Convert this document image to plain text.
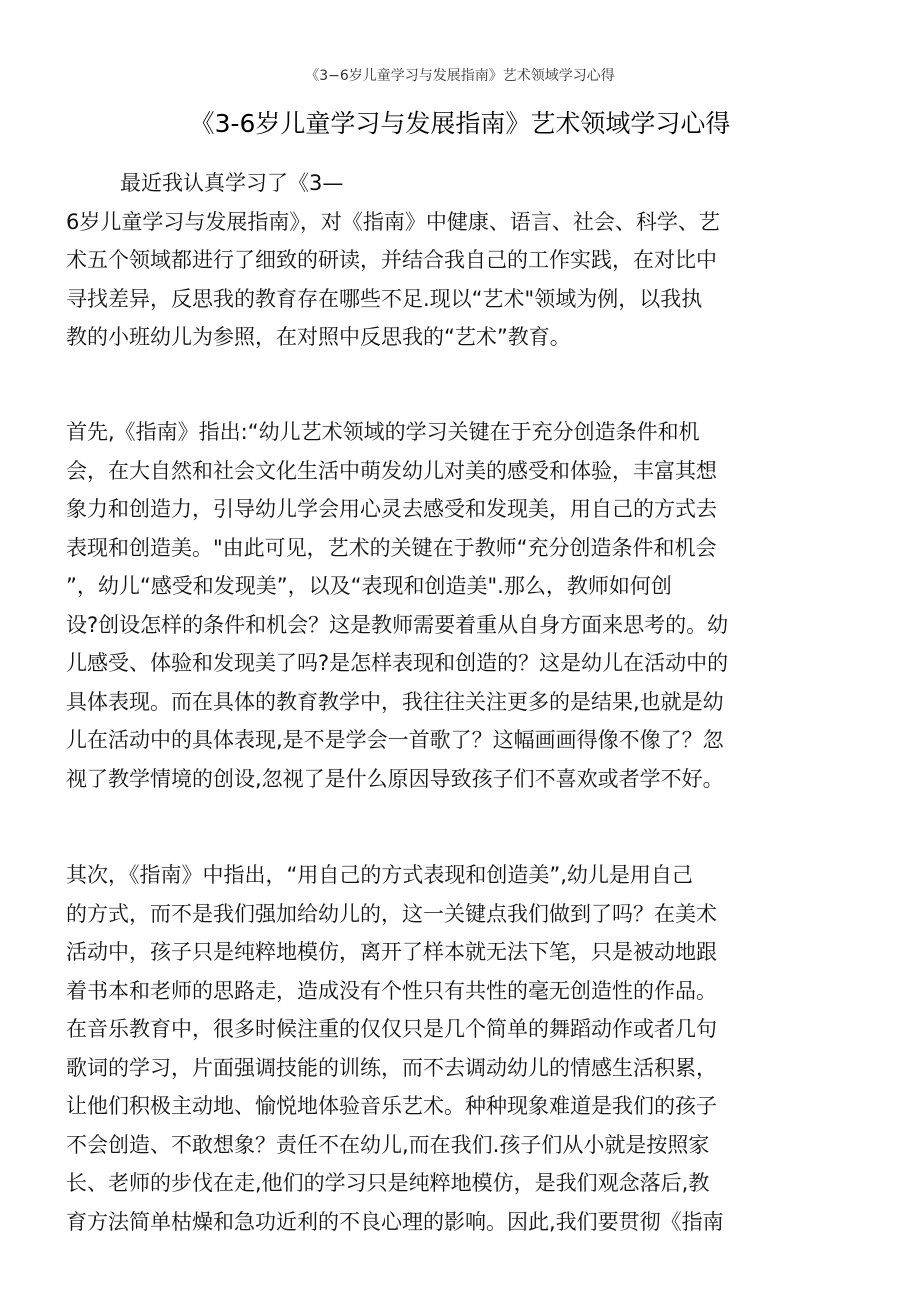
《3−6岁儿童学习与发展指南》艺术领域学习心得
《3-6岁儿童学习与发展指南》艺术领域学习心得
最近我认真学习了《3—
6岁儿童学习与发展指南》，对《指南》中健康、语言、社会、科学、艺
术五个领域都进行了细致的研读，并结合我自己的工作实践，在对比中
寻找差异，反思我的教育存在哪些不足.现以“艺术"领域为例，以我执
教的小班幼儿为参照，在对照中反思我的“艺术”教育。
首先,《指南》指出:“幼儿艺术领域的学习关键在于充分创造条件和机
会，在大自然和社会文化生活中萌发幼儿对美的感受和体验，丰富其想
象力和创造力，引导幼儿学会用心灵去感受和发现美，用自己的方式去
表现和创造美。"由此可见，艺术的关键在于教师“充分创造条件和机会
”，幼儿“感受和发现美”，以及“表现和创造美".那么，教师如何创
设?创设怎样的条件和机会？这是教师需要着重从自身方面来思考的。幼
儿感受、体验和发现美了吗?是怎样表现和创造的？这是幼儿在活动中的
具体表现。而在具体的教育教学中，我往往关注更多的是结果,也就是幼
儿在活动中的具体表现,是不是学会一首歌了？这幅画画得像不像了？忽
视了教学情境的创设,忽视了是什么原因导致孩子们不喜欢或者学不好。
其次，《指南》中指出，“用自己的方式表现和创造美”,幼儿是用自己
的方式，而不是我们强加给幼儿的，这一关键点我们做到了吗？在美术
活动中，孩子只是纯粹地模仿，离开了样本就无法下笔，只是被动地跟
着书本和老师的思路走，造成没有个性只有共性的毫无创造性的作品。
在音乐教育中，很多时候注重的仅仅只是几个简单的舞蹈动作或者几句
歌词的学习，片面强调技能的训练，而不去调动幼儿的情感生活积累，
让他们积极主动地、愉悦地体验音乐艺术。种种现象难道是我们的孩子
不会创造、不敢想象？责任不在幼儿,而在我们.孩子们从小就是按照家
长、老师的步伐在走,他们的学习只是纯粹地模仿，是我们观念落后,教
育方法简单枯燥和急功近利的不良心理的影响。因此,我们要贯彻《指南
